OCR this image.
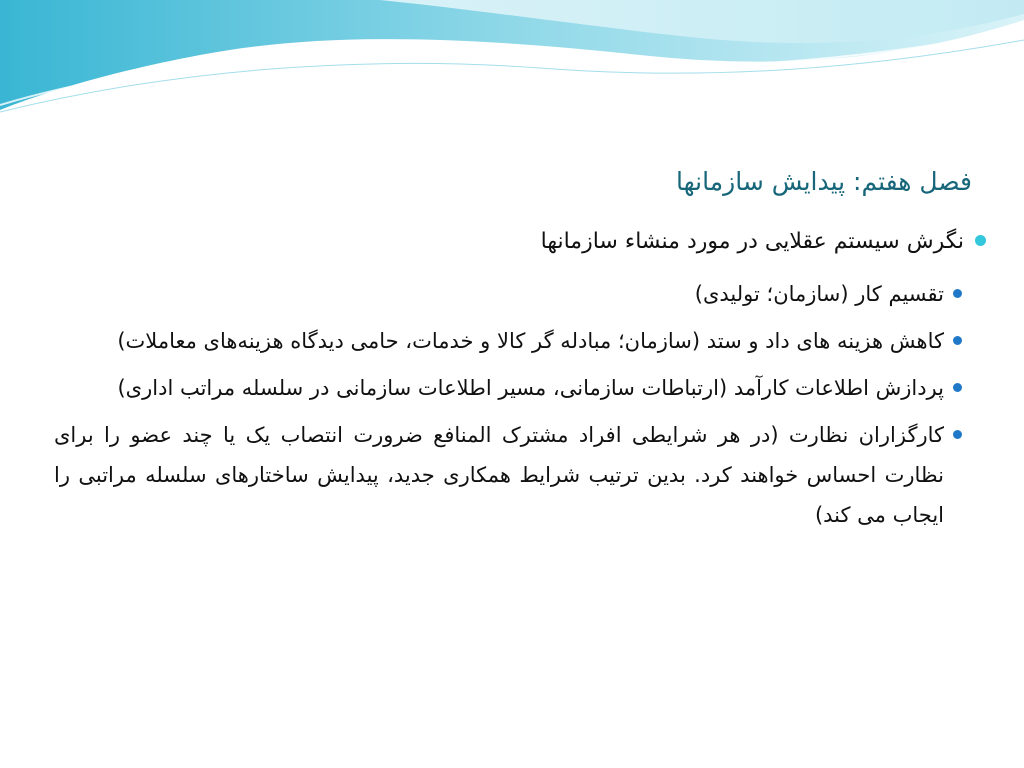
فصل هفتم: پیدایش سازمانها
نگرش سیستم عقلایی در مورد منشاء سازمانها
تقسیم کار (سازمان؛ تولیدی)
کاهش هزینه های داد و ستد (سازمان؛ مبادله گر کالا و خدمات، حامی دیدگاه هزینه‌های معاملات)
پردازش اطلاعات کارآمد (ارتباطات سازمانی، مسیر اطلاعات سازمانی در سلسله مراتب اداری)
کارگزاران نظارت (در هر شرایطی افراد مشترک المنافع ضرورت انتصاب یک یا چند عضو را برای نظارت احساس خواهند کرد. بدین ترتیب شرایط همکاری جدید، پیدایش ساختارهای سلسله مراتبی را ایجاب می کند)
